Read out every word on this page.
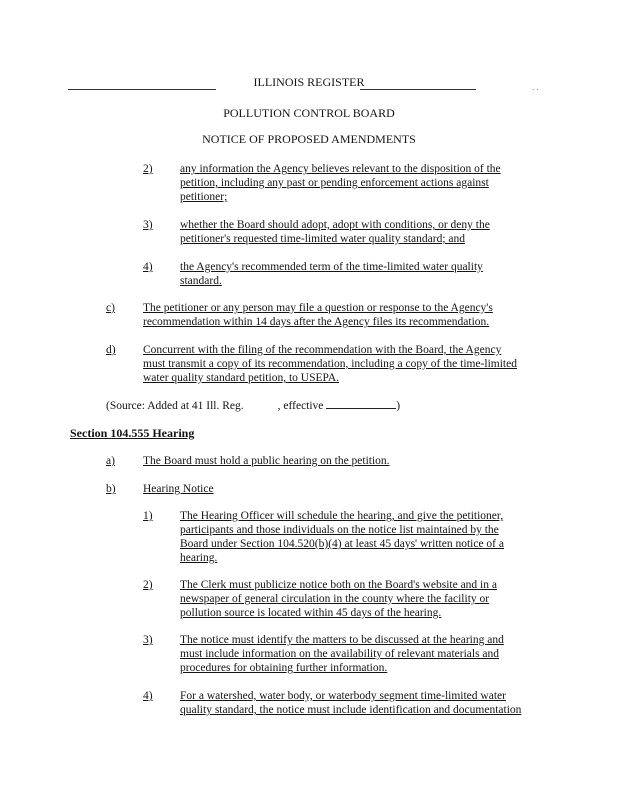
ILLINOIS REGISTER	. .
POLLUTION CONTROL BOARD
NOTICE OF PROPOSED AMENDMENTS
2) any information the Agency believes relevant to the disposition of the
petition, including any past or pending enforcement actions against
petitioner;
3) whether the Board should adopt, adopt with conditions, or deny the
petitioner's requested time-limited water quality standard; and
4) the Agency's recommended term of the time-limited water quality
standard.
c) The petitioner or any person may file a question or response to the Agency's
recommendation within 14 days after the Agency files its recommendation.
d) Concurrent with the filing of the recommendation with the Board, the Agency
must transmit a copy of its recommendation, including a copy of the time-limited
water quality standard petition, to USEPA.
(Source: Added at 41 Ill. Reg.	, effective	)
Section 104.555 Hearing
a) The Board must hold a public hearing on the petition.
b) Hearing Notice
1) The Hearing Officer will schedule the hearing, and give the petitioner,
participants and those individuals on the notice list maintained by the
Board under Section 104.520(b)(4) at least 45 days' written notice of a
hearing.
2) The Clerk must publicize notice both on the Board's website and in a
newspaper of general circulation in the county where the facility or
pollution source is located within 45 days of the hearing.
3) The notice must identify the matters to be discussed at the hearing and
must include information on the availability of relevant materials and
procedures for obtaining further information.
4) For a watershed, water body, or waterbody segment time-limited water
quality standard, the notice must include identification and documentation
